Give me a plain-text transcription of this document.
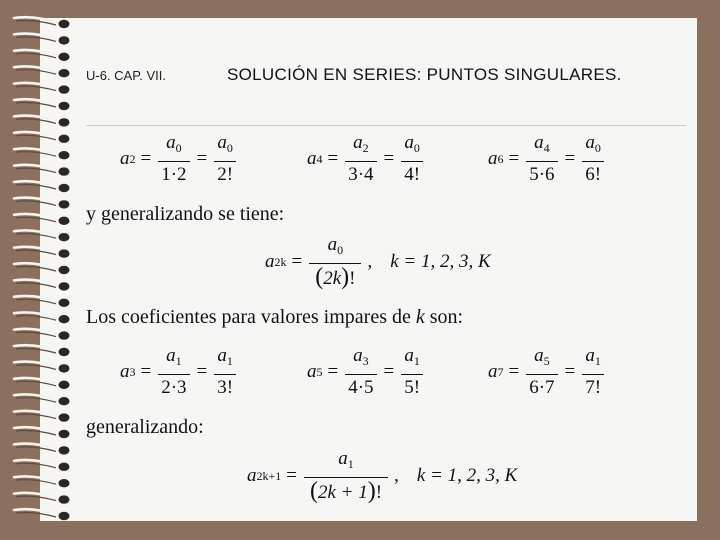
U-6. CAP. VII.	SOLUCIÓN EN SERIES: PUNTOS SINGULARES.
a $2 = \frac{a_0}{1\cdot 2} = \frac{a_0}{2!}$	a $4 = \frac{a_2}{3\cdot 4} = \frac{a_0}{4!}$	a $6 = \frac{a_4}{5\cdot 6} = \frac{a_0}{6!}$
y generalizando se tiene:
a $2k = \frac{a_0}{(2k)!}$ , k = 1, 2, 3, K
Los coeficientes para valores impares de k son:
a $3 = \frac{a_1}{2\cdot 3} = \frac{a_1}{3!}$	a $5 = \frac{a_3}{4\cdot 5} = \frac{a_1}{5!}$	a $7 = \frac{a_5}{6\cdot 7} = \frac{a_1}{7!}$
generalizando:
a $2k+1 = \frac{a_1}{(2k + 1)!}$ , k = 1, 2, 3, K
